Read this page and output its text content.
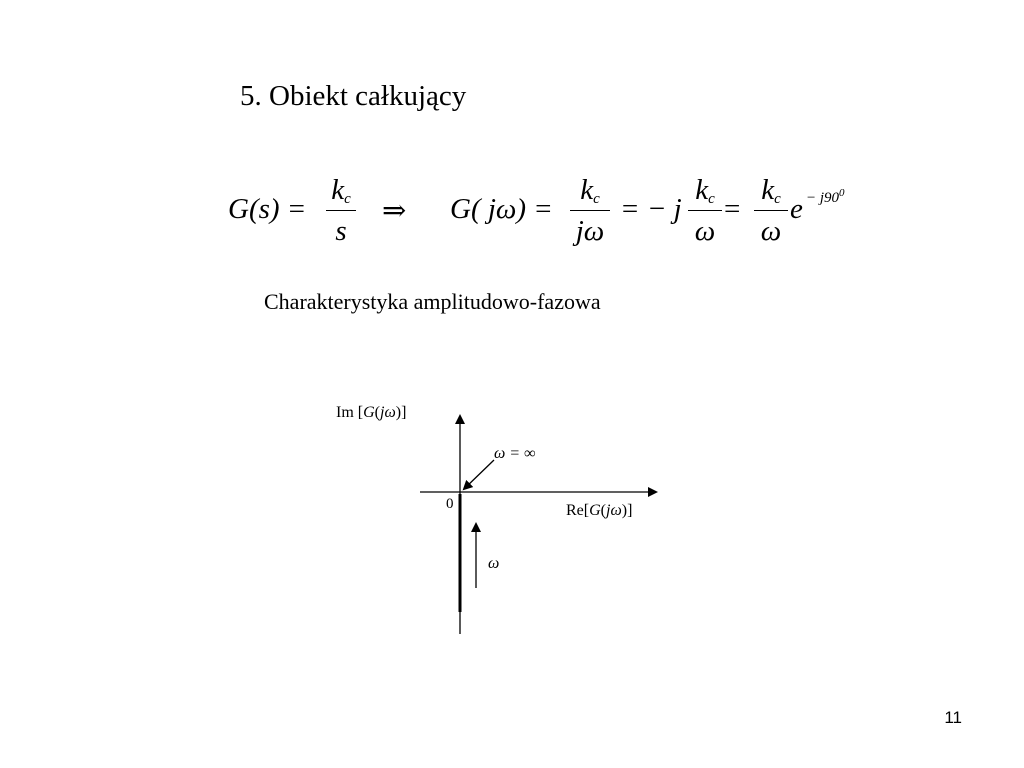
5. Obiekt całkujący
G(s) =
$k_c$
s
⇒ G( jω) =
$k_c$
jω
= − j
$k_c$
ω
=
$k_c$
ω
$e - j90^0$
Charakterystyka amplitudowo-fazowa
Im [G(jω)]
Re[G(jω)]
0
ω = ∞
ω
11
